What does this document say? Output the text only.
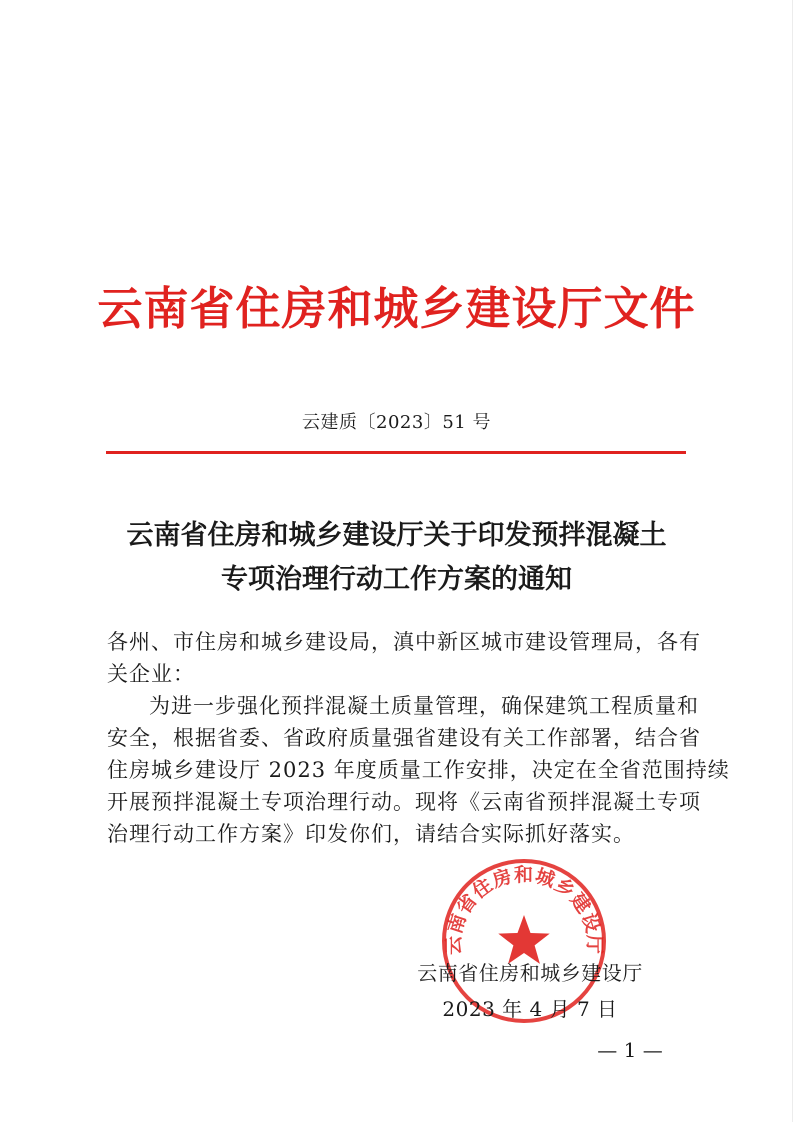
云南省住房和城乡建设厅文件
云建质〔2023〕51 号
云南省住房和城乡建设厅关于印发预拌混凝土
专项治理行动工作方案的通知
各州、市住房和城乡建设局，滇中新区城市建设管理局，各有
关企业：
为进一步强化预拌混凝土质量管理，确保建筑工程质量和
安全，根据省委、省政府质量强省建设有关工作部署，结合省
住房城乡建设厅 2023 年度质量工作安排，决定在全省范围持续
开展预拌混凝土专项治理行动。现将《云南省预拌混凝土专项
治理行动工作方案》印发你们，请结合实际抓好落实。
云南省住房和城乡建设厅
云南省住房和城乡建设厅
2023 年 4 月 7 日
— 1 —
